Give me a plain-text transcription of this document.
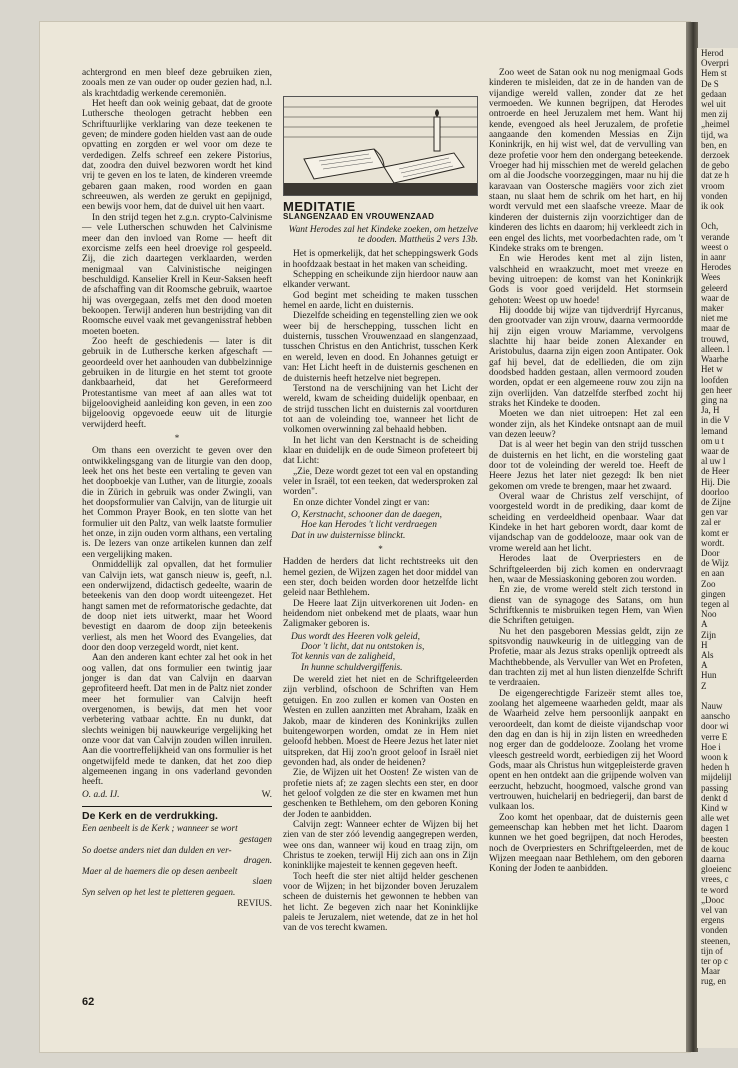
Herod

Overpri

Hem st

De S

gedaan

wel uit

men zij

„heimel

tijd, wa

ben, en

derzoek

de gebo

dat ze h

vroom

vonden

ik ook

Och,

verande

weest o

in aanr

Herodes

Wees

geleerd

waar de

maker

niet me

maar de

trouwd,

alleen. l

Waarhe

Het w

loofden

gen heer

ging na

Ja, H

in die V

lemand

om u t

waar de

al uw l

de Heer

Hij. Die

doorloo

de Zijne

gen var

zal er

komt er

wordt.

Door

de Wijz

en aan

Zoo

gingen

tegen al

Noo

A

Zijn

H

Als

A

Hun

Z

Nauw

aanscho

door wi

verre E

Hoe i

woon k

heden h

mijdelijl

passing

denkt d

Kind w

alle wet

dagen 1

beesten

de kouc

daarna

gloeienc

vrees, c

te word

„Dooc

vel van

ergens

vonden

steenen,

tijn of

ter op c

Maar

rug, en

achtergrond en men bleef deze gebruiken zien, zooals men ze van ouder op ouder gezien had, n.l. als krachtdadig werkende ceremoniën.

Het heeft dan ook weinig gebaat, dat de groote Luthersche theologen getracht hebben een Schriftuurlijke verklaring van deze teekenen te geven; de mindere goden hielden vast aan de oude opvatting en zorgden er wel voor om deze te verdedigen. Zelfs schreef een zekere Pistorius, dat, zoodra den duivel bezworen wordt het kind vrij te geven en los te laten, de kinderen vreemde gebaren gaan maken, rood worden en gaan schreeuwen, als werden ze gerukt en gepijnigd, een bewijs voor hem, dat de duivel uit hen vaart.

In den strijd tegen het z.g.n. crypto-Calvinisme — vele Lutherschen schuwden het Calvinisme meer dan den invloed van Rome — heeft dit exorcisme zelfs een heel droevige rol gespeeld. Zij, die zich daartegen verklaarden, werden menigmaal van Calvinistische neigingen beschuldigd. Kanselier Krell in Keur-Saksen heeft de afschaffing van dit Roomsche gebruik, waartoe hij was overgegaan, zelfs met den dood moeten bekoopen. Terwijl anderen hun bestrijding van dit Roomsche euvel vaak met gevangenisstraf hebben moeten boeten.

Zoo heeft de geschiedenis — later is dit gebruik in de Luthersche kerken afgeschaft — geoordeeld over het aanhouden van dubbelzinnige gebruiken in de liturgie en het stemt tot groote dankbaarheid, dat het Gereformeerd Protestantisme van meet af aan alles wat tot bijgeloovigheid aanleiding kon geven, in een zoo bijgeloovig opgevoede eeuw uit de liturgie verwijderd heeft.

*

Om thans een overzicht te geven over den ontwikkelingsgang van de liturgie van den doop, leek het ons het beste een vertaling te geven van het doopboekje van Luther, van de liturgie, zooals die in Zürich in gebruik was onder Zwingli, van het doopsformulier van Calvijn, van de liturgie uit het Common Prayer Book, en ten slotte van het formulier uit den Paltz, van welk laatste formulier het onze, in zijn ouden vorm althans, een vertaling is. De lezers van onze artikelen kunnen dan zelf een vergelijking maken.

Onmiddellijk zal opvallen, dat het formulier van Calvijn iets, wat gansch nieuw is, geeft, n.l. een onderwijzend, didactisch gedeelte, waarin de beteekenis van den doop wordt uiteengezet. Het hangt samen met de reformatorische gedachte, dat de doop niet iets uitwerkt, maar het Woord bevestigt en daarom de doop zijn beteekenis verliest, als men het Woord des Evangelies, dat door den doop verzegeld wordt, niet kent.

Aan den anderen kant echter zal het ook in het oog vallen, dat ons formulier een twintig jaar jonger is dan dat van Calvijn en daarvan geprofiteerd heeft. Dat men in de Paltz niet zonder meer het formulier van Calvijn heeft overgenomen, is bewijs, dat men het voor verbetering vatbaar achtte. En nu dunkt, dat slechts weinigen bij nauwkeurige vergelijking het onze voor dat van Calvijn zouden willen inruilen. Aan die voortreffelijkheid van ons formulier is het ongetwijfeld mede te danken, dat het zoo diep algemeenen ingang in ons vaderland gevonden heeft.

O. a.d. IJ.	W.
De Kerk en de verdrukking.
Een aenbeelt is de Kerk ; wanneer se wort
gestagen
So doetse anders niet dan dulden en ver-
dragen.
Maer al de haemers die op desen aenbeelt
slaen
Syn selven op het lest te pletteren gegaen.
REVIUS.
MEDITATIE
SLANGENZAAD EN VROUWENZAAD
Want Herodes zal het Kindeke zoeken, om hetzelve te dooden. Mattheüs 2 vers 13b.

Het is opmerkelijk, dat het scheppingswerk Gods in hoofdzaak bestaat in het maken van scheiding.

Schepping en scheikunde zijn hierdoor nauw aan elkander verwant.

God begint met scheiding te maken tusschen hemel en aarde, licht en duisternis.

Diezelfde scheiding en tegenstelling zien we ook weer bij de herschepping, tusschen licht en duisternis, tusschen Vrouwenzaad en slangenzaad, tusschen Christus en den Antichrist, tusschen Kerk en wereld, leven en dood. En Johannes getuigt er van: Het Licht heeft in de duisternis geschenen en de duisternis heeft hetzelve niet begrepen.

Terstond na de verschijning van het Licht der wereld, kwam de scheiding duidelijk openbaar, en de strijd tusschen licht en duisternis zal voortduren tot aan de voleinding toe, wanneer het licht de volkomen overwinning zal behaald hebben.

In het licht van den Kerstnacht is de scheiding klaar en duidelijk en de oude Simeon profeteert bij dat Licht:

„Zie, Deze wordt gezet tot een val en opstanding veler in Israël, tot een teeken, dat wedersproken zal worden".

En onze dichter Vondel zingt er van:

O, Kerstnacht, schooner dan de daegen,

Hoe kan Herodes 't licht verdraegen

Dat in uw duisternisse blinckt.

*

Hadden de herders dat licht rechtstreeks uit den hemel gezien, de Wijzen zagen het door middel van een ster, doch beiden worden door hetzelfde licht geleid naar Bethlehem.

De Heere laat Zijn uitverkorenen uit Joden- en heidendom niet onbekend met de plaats, waar hun Zaligmaker geboren is.

Dus wordt des Heeren volk geleid,

Door 't licht, dat nu ontstoken is,

Tot kennis van de zaligheid,

In hunne schuldvergiffenis.

De wereld ziet het niet en de Schriftgeleerden zijn verblind, ofschoon de Schriften van Hem getuigen. En zoo zullen er komen van Oosten en Westen en zullen aanzitten met Abraham, Izaäk en Jakob, maar de kinderen des Koninkrijks zullen buitengeworpen worden, omdat ze in Hem niet geloofd hebben. Moest de Heere Jezus het later niet uitspreken, dat Hij zoo'n groot geloof in Israël niet gevonden had, als onder de heidenen?

Zie, de Wijzen uit het Oosten! Ze wisten van de profetie niets af; ze zagen slechts een ster, en door het geloof volgden ze die ster en kwamen met hun geschenken te Bethlehem, om den geboren Koning der Joden te aanbidden.

Calvijn zegt: Wanneer echter de Wijzen bij het zien van de ster zóó levendig aangegrepen werden, wee ons dan, wanneer wij koud en traag zijn, om Christus te zoeken, terwijl Hij zich aan ons in Zijn koninklijke majesteit te kennen gegeven heeft.

Toch heeft die ster niet altijd helder geschenen voor de Wijzen; in het bijzonder boven Jeruzalem scheen de duisternis het gewonnen te hebben van het licht. Ze begeven zich naar het Koninklijke paleis te Jeruzalem, niet wetende, dat ze in het hol van de vos terecht kwamen.

Zoo weet de Satan ook nu nog menigmaal Gods kinderen te misleiden, dat ze in de handen van de vijandige wereld vallen, zonder dat ze het vermoeden. We kunnen begrijpen, dat Herodes ontroerde en heel Jeruzalem met hem. Want hij kende, evengoed als heel Jeruzalem, de profetie aangaande den komenden Messias en Zijn Koninkrijk, en hij wist wel, dat de vervulling van deze profetie voor hem den ondergang beteekende. Vroeger had hij misschien met de wereld gelachen om al die Joodsche voorzeggingen, maar nu hij die karavaan van Oostersche magiërs voor zich ziet staan, nu slaat hem de schrik om het hart, en hij wordt vervuld met een slaafsche vreeze. Maar de kinderen der duisternis zijn voorzichtiger dan de kinderen des lichts en daarom; hij verkleedt zich in een engel des lichts, met voorbedachten rade, om 't Kindeke straks om te brengen.

En wie Herodes kent met al zijn listen, valschheid en wraakzucht, moet met vreeze en beving uitroepen: de komst van het Koninkrijk Gods is voor goed verijdeld. Het stormsein gehoten: Weest op uw hoede!

Hij doodde bij wijze van tijdverdrijf Hyrcanus, den grootvader van zijn vrouw, daarna vermoordde hij zijn eigen vrouw Mariamme, vervolgens slachtte hij haar beide zonen Alexander en Aristobulus, daarna zijn eigen zoon Antipater. Ook gaf hij bevel, dat de edellieden, die om zijn doodsbed hadden gestaan, allen vermoord zouden worden, opdat er een algemeene rouw zou zijn na zijn overlijden. Van datzelfde sterfbed zocht hij straks het Kindeke te dooden.

Moeten we dan niet uitroepen: Het zal een wonder zijn, als het Kindeke ontsnapt aan de muil van dezen leeuw?

Dat is al weer het begin van den strijd tusschen de duisternis en het licht, en die worsteling gaat door tot de voleinding der wereld toe. Heeft de Heere Jezus het later niet gezegd: Ik ben niet gekomen om vrede te brengen, maar het zwaard.

Overal waar de Christus zelf verschijnt, of voorgesteld wordt in de prediking, daar komt de scheiding en verdeeldheid openbaar. Waar dat Kindeke in het hart geboren wordt, daar komt de vijandschap van de goddelooze, maar ook van de vrome wereld aan het licht.

Herodes laat de Overpriesters en de Schriftgeleerden bij zich komen en ondervraagt hen, waar de Messiaskoning geboren zou worden.

En zie, de vrome wereld stelt zich terstond in dienst van de synagoge des Satans, om hun Schriftkennis te misbruiken tegen Hem, van Wien die Schriften getuigen.

Nu het den pasgeboren Messias geldt, zijn ze spitsvondig nauwkeurig in de uitlegging van de Profetie, maar als Jezus straks openlijk optreedt als Machthebbende, als Vervuller van Wet en Profeten, dan trachten zij met al hun listen dienzelfde Schrift te verdraaien.

De eigengerechtigde Farizeër stemt alles toe, zoolang het algemeene waarheden geldt, maar als de Waarheid zelve hem persoonlijk aanpakt en veroordeelt, dan komt de dieiste vijandschap voor den dag en dan is hij in zijn listen en wreedheden nog erger dan de goddelooze. Zoolang het vrome vleesch gestreeld wordt, eerbiedigen zij het Woord Gods, maar als Christus hun witgepleisterde graven opent en hen ontdekt aan die grijpende wolven van eerzucht, hebzucht, hoogmoed, valsche grond van vertrouwen, huichelarij en bedriegerij, dan barst de vulkaan los.

Zoo komt het openbaar, dat de duisternis geen gemeenschap kan hebben met het licht. Daarom kunnen we het goed begrijpen, dat noch Herodes, noch de Overpriesters en Schriftgeleerden, met de Wijzen meegaan naar Bethlehem, om den geboren Koning der Joden te aanbidden.

62
